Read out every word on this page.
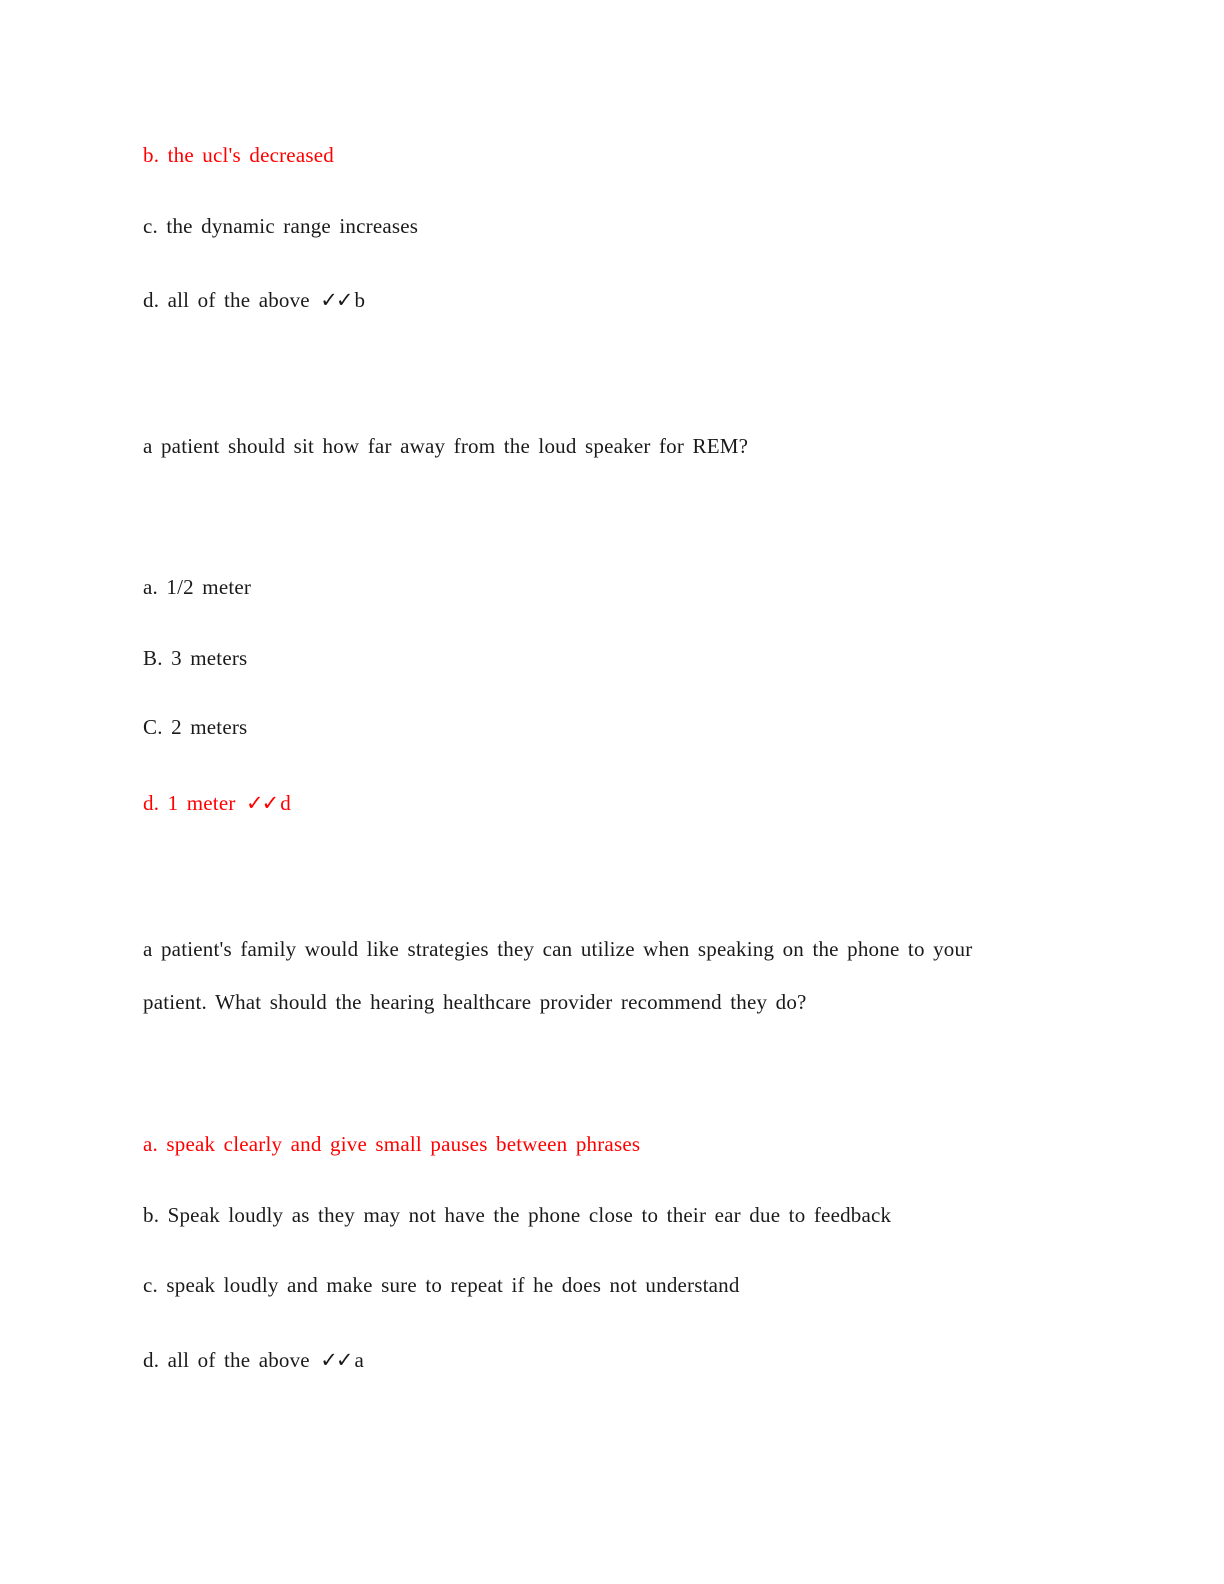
b. the ucl's decreased
c. the dynamic range increases
d. all of the above ✓✓ b
a patient should sit how far away from the loud speaker for REM?
a. 1/2 meter
B. 3 meters
C. 2 meters
d. 1 meter ✓✓ d
a patient's family would like strategies they can utilize when speaking on the phone to your
patient. What should the hearing healthcare provider recommend they do?
a. speak clearly and give small pauses between phrases
b. Speak loudly as they may not have the phone close to their ear due to feedback
c. speak loudly and make sure to repeat if he does not understand
d. all of the above ✓✓ a
